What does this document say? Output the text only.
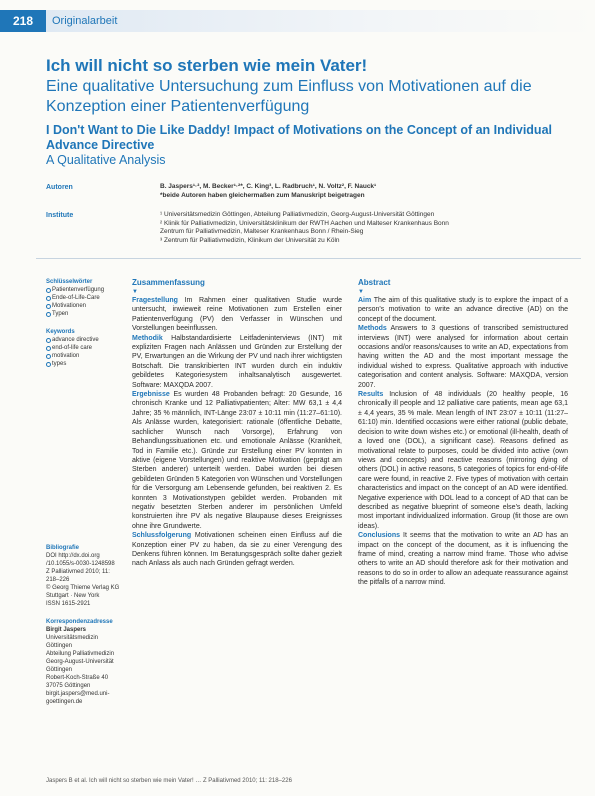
218	Originalarbeit
Ich will nicht so sterben wie mein Vater!
Eine qualitative Untersuchung zum Einfluss von Motivationen auf die Konzeption einer Patientenverfügung
I Don't Want to Die Like Daddy! Impact of Motivations on the Concept of an Individual Advance Directive
A Qualitative Analysis
Autoren	B. Jaspers¹·², M. Becker¹·²*, C. King³, L. Radbruch¹, N. Voltz², F. Nauck¹
*beide Autoren haben gleichermaßen zum Manuskript beigetragen
Institute	¹ Universitätsmedizin Göttingen, Abteilung Palliativmedizin, Georg-August-Universität Göttingen
² Klinik für Palliativmedizin, Universitätsklinikum der RWTH Aachen und Malteser Krankenhaus Bonn
Zentrum für Palliativmedizin, Malteser Krankenhaus Bonn / Rhein-Sieg
³ Zentrum für Palliativmedizin, Klinikum der Universität zu Köln
Schlüsselwörter
Patientenverfügung
Ende-of-Life-Care
Motivationen
Typen
Keywords
advance directive
end-of-life care
motivation
types
Bibliografie
DOI http://dx.doi.org
/10.1055/s-0030-1248598
Z Palliativmed 2010; 11:
218–226
© Georg Thieme Verlag KG
Stuttgart · New York
ISSN 1615-2921
Korrespondenzadresse
Birgit Jaspers
Universitätsmedizin Göttingen
Abteilung Palliativmedizin
Georg-August-Universität
Göttingen
Robert-Koch-Straße 40
37075 Göttingen
birgit.jaspers@med.uni-
goettingen.de
Zusammenfassung
▼

Fragestellung Im Rahmen einer qualitativen Studie wurde untersucht, inwieweit reine Motivationen zum Erstellen einer Patientenverfügung (PV) den Verfasser in Wünschen und Vorstellungen beeinflussen.

Methodik Halbstandardisierte Leitfadeninterviews (INT) mit expliziten Fragen nach Anlässen und Gründen zur Erstellung der PV, Erwartungen an die Wirkung der PV und nach ihrer wichtigsten Botschaft. Die transkribierten INT wurden durch ein induktiv gebildetes Kategoriesystem inhaltsanalytisch ausgewertet. Software: MAXQDA 2007.

Ergebnisse Es wurden 48 Probanden befragt: 20 Gesunde, 16 chronisch Kranke und 12 Palliativpatienten; Alter: MW 63,1 ± 4,4 Jahre; 35 % männlich, INT-Länge 23:07 ± 10:11 min (11:27–61:10). Als Anlässe wurden, kategorisiert: rationale (öffentliche Debatte, sachlicher Wunsch nach Vorsorge), Erfahrung von Behandlungssituationen etc. und emotionale Anlässe (Krankheit, Tod in Familie etc.). Gründe zur Erstellung einer PV konnten in aktive (eigene Vorstellungen) und reaktive Motivation (geprägt am Sterben anderer) unterteilt werden. Dabei wurden bei diesen gebildeten Gründen 5 Kategorien von Wünschen und Vorstellungen für die Versorgung am Lebensende gefunden, bei reaktiven 2. Es konnten 3 Motivationstypen gebildet werden. Probanden mit negativ besetzten Sterben anderer im persönlichen Umfeld konstruierten ihre PV als negative Blaupause dieses Ereignisses ohne ihre Grundwerte.

Schlussfolgerung Motivationen scheinen einen Einfluss auf die Konzeption einer PV zu haben, da sie zu einer Verengung des Denkens führen können. Im Beratungsgespräch sollte daher gezielt nach Anlass als auch nach Gründen gefragt werden.

Abstract
▼

Aim The aim of this qualitative study is to explore the impact of a person's motivation to write an advance directive (AD) on the concept of the document.

Methods Answers to 3 questions of transcribed semistructured interviews (INT) were analysed for information about certain occasions and/or reasons/causes to write an AD, expectations from having written the AD and the most important message the individual wished to express. Qualitative approach with inductive categorisation and content analysis. Software: MAXQDA, version 2007.

Results Inclusion of 48 individuals (20 healthy people, 16 chronically ill people and 12 palliative care patients, mean age 63,1 ± 4,4 years, 35 % male. Mean length of INT 23:07 ± 10:11 (11:27–61:10) min. Identified occasions were either rational (public debate, decision to write down wishes etc.) or emotional (ill-health, death of a loved one (DOL), a significant case). Reasons defined as motivational relate to purposes, could be divided into active (own views and concepts) and reactive reasons (mirroring dying of others (DOL) in active reasons, 5 categories of topics for end-of-life care were found, in reactive 2. Five types of motivation with certain characteristics and impact on the concept of an AD were identified. Negative experience with DOL lead to a concept of AD that can be described as negative blueprint of someone else's death, lacking most important individualized information. Group (fit those are own ideas).

Conclusions It seems that the motivation to write an AD has an impact on the concept of the document, as it is influencing the frame of mind, creating a narrow mind frame. Those who advise others to write an AD should therefore ask for their motivation and reasons to do so in order to allow an adequate reassurance against the pitfalls of a narrow mind.

Jaspers B et al. Ich will nicht so sterben wie mein Vater! … Z Palliativmed 2010; 11: 218–226
